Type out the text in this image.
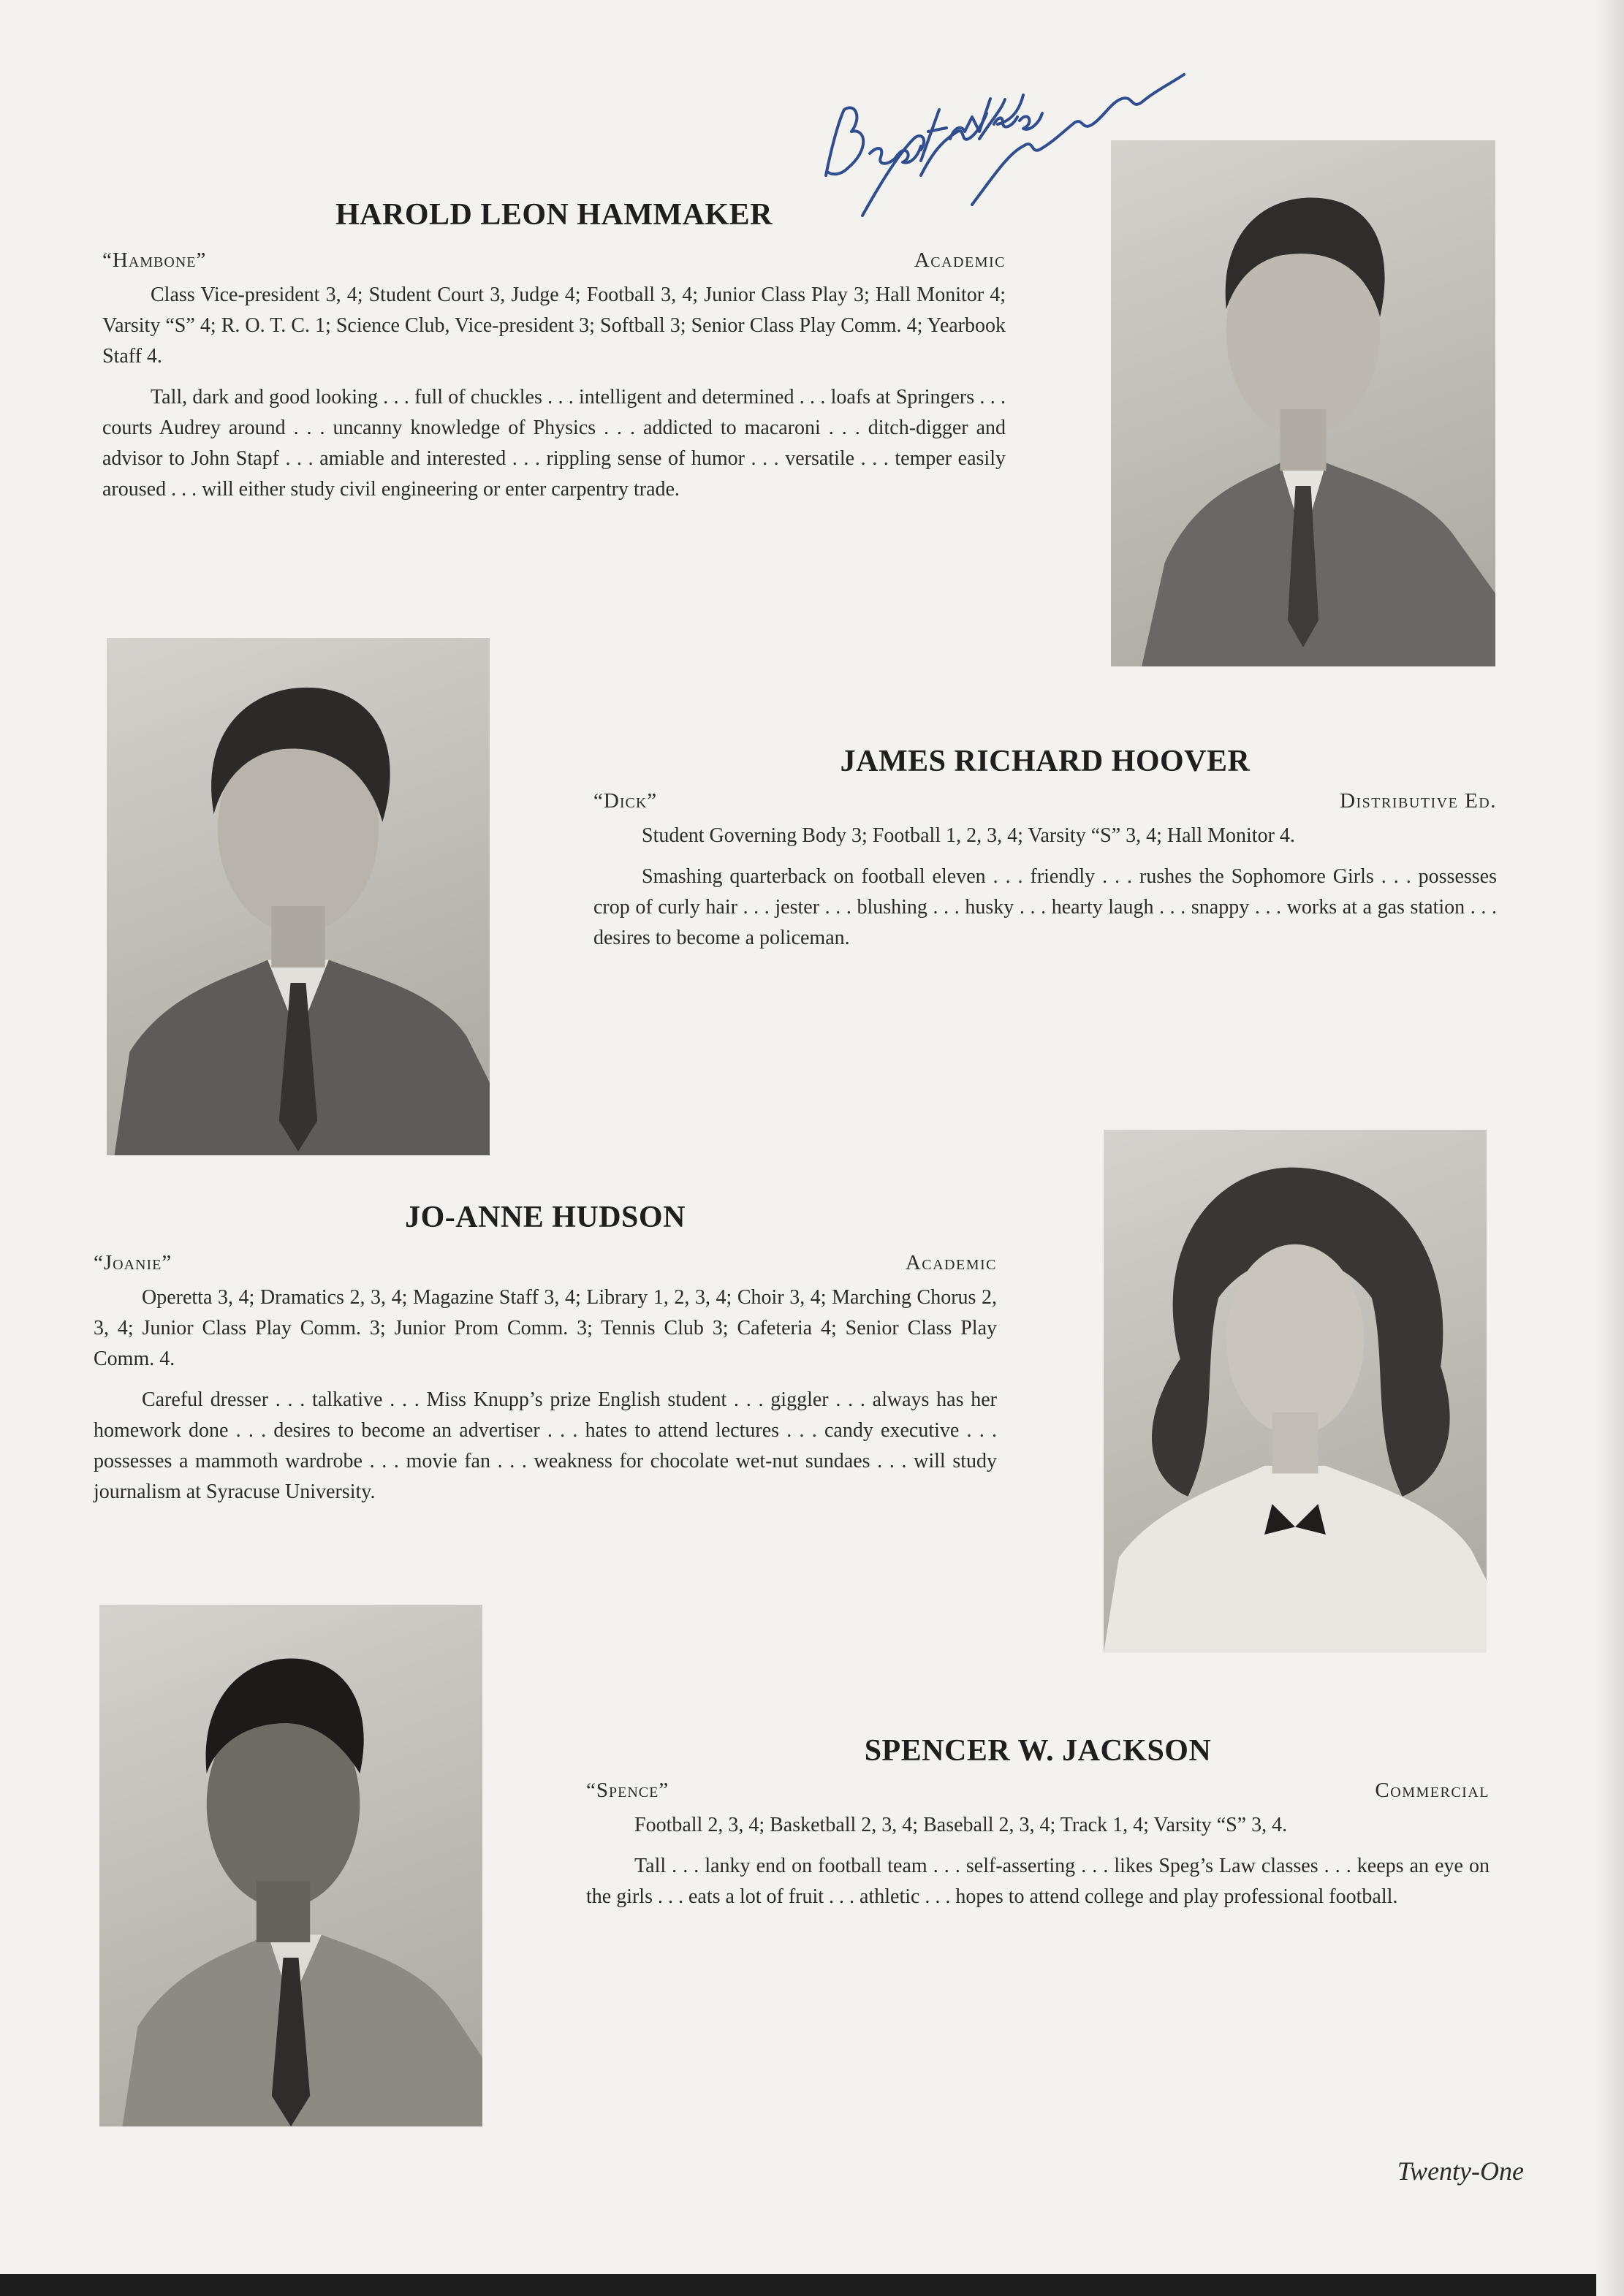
HAROLD LEON HAMMAKER
“Hambone”	Academic

Class Vice-president 3, 4; Student Court 3, Judge 4; Football 3, 4; Junior Class Play 3; Hall Monitor 4; Varsity “S” 4; R. O. T. C. 1; Science Club, Vice-president 3; Softball 3; Senior Class Play Comm. 4; Yearbook Staff 4.

Tall, dark and good looking . . . full of chuckles . . . intelligent and determined . . . loafs at Springers . . . courts Audrey around . . . uncanny knowledge of Physics . . . addicted to macaroni . . . ditch-digger and advisor to John Stapf . . . amiable and interested . . . rippling sense of humor . . . versatile . . . temper easily aroused . . . will either study civil engineering or enter carpentry trade.

JAMES RICHARD HOOVER
“Dick”	Distributive Ed.

Student Governing Body 3; Football 1, 2, 3, 4; Varsity “S” 3, 4; Hall Monitor 4.

Smashing quarterback on football eleven . . . friendly . . . rushes the Sophomore Girls . . . possesses crop of curly hair . . . jester . . . blushing . . . husky . . . hearty laugh . . . snappy . . . works at a gas station . . . desires to become a policeman.

JO-ANNE HUDSON
“Joanie”	Academic

Operetta 3, 4; Dramatics 2, 3, 4; Magazine Staff 3, 4; Library 1, 2, 3, 4; Choir 3, 4; Marching Chorus 2, 3, 4; Junior Class Play Comm. 3; Junior Prom Comm. 3; Tennis Club 3; Cafeteria 4; Senior Class Play Comm. 4.

Careful dresser . . . talkative . . . Miss Knupp’s prize English student . . . giggler . . . always has her homework done . . . desires to become an advertiser . . . hates to attend lectures . . . candy executive . . . possesses a mammoth wardrobe . . . movie fan . . . weakness for chocolate wet-nut sundaes . . . will study journalism at Syracuse University.

SPENCER W. JACKSON
“Spence”	Commercial

Football 2, 3, 4; Basketball 2, 3, 4; Baseball 2, 3, 4; Track 1, 4; Varsity “S” 3, 4.

Tall . . . lanky end on football team . . . self-asserting . . . likes Speg’s Law classes . . . keeps an eye on the girls . . . eats a lot of fruit . . . athletic . . . hopes to attend college and play professional football.

Twenty-One
